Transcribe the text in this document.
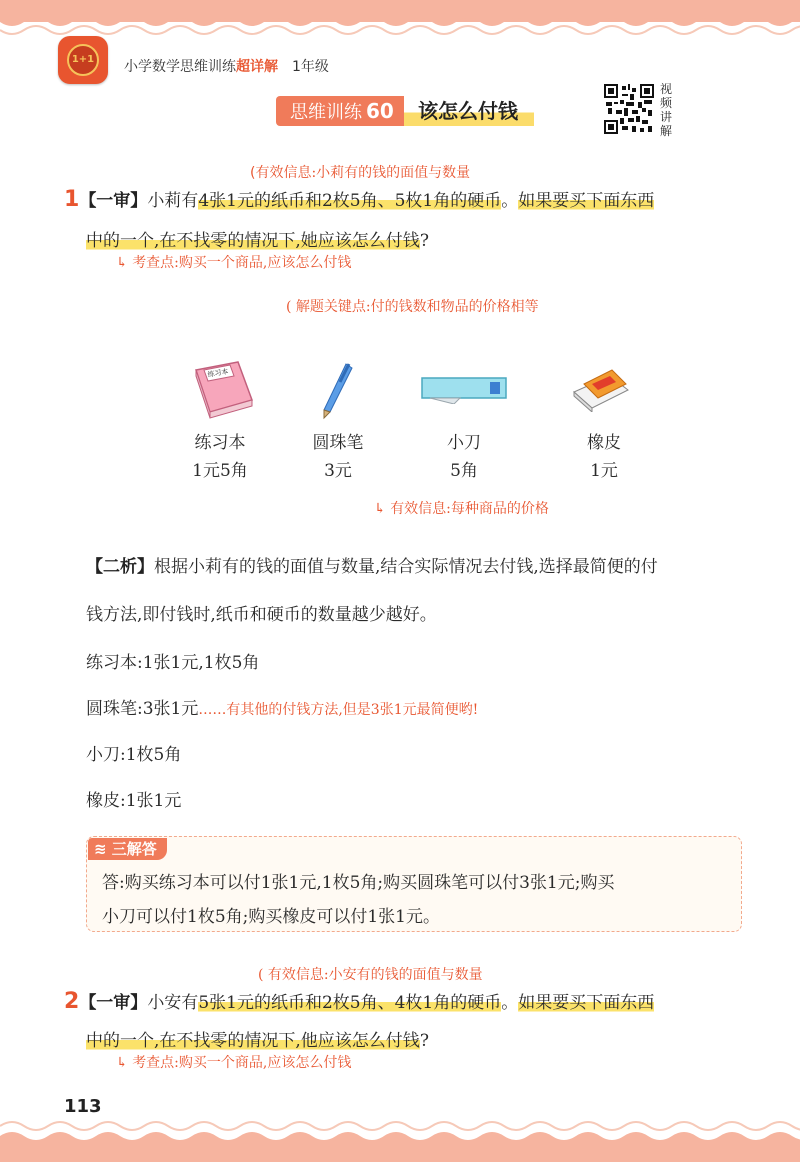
1+1	小学数学思维训练超详解 1年级
思维训练 60	该怎么付钱
视
频
讲
解
(有效信息:小莉有的钱的面值与数量
1【一审】小莉有4张1元的纸币和2枚5角、5枚1角的硬币。如果要买下面东西
中的一个,在不找零的情况下,她应该怎么付钱?
↳ 考查点:购买一个商品,应该怎么付钱
( 解题关键点:付的钱数和物品的价格相等
练习本
练习本
1元5角
圆珠笔
3元
小刀
5角
橡皮
1元
↳ 有效信息:每种商品的价格
【二析】根据小莉有的钱的面值与数量,结合实际情况去付钱,选择最简便的付
钱方法,即付钱时,纸币和硬币的数量越少越好。
练习本:1张1元,1枚5角
圆珠笔:3张1元……有其他的付钱方法,但是3张1元最简便哟!
小刀:1枚5角
橡皮:1张1元
≋ 三解答
答:购买练习本可以付1张1元,1枚5角;购买圆珠笔可以付3张1元;购买
小刀可以付1枚5角;购买橡皮可以付1张1元。
( 有效信息:小安有的钱的面值与数量
2【一审】小安有5张1元的纸币和2枚5角、4枚1角的硬币。如果要买下面东西
中的一个,在不找零的情况下,他应该怎么付钱?
↳ 考查点:购买一个商品,应该怎么付钱
113
